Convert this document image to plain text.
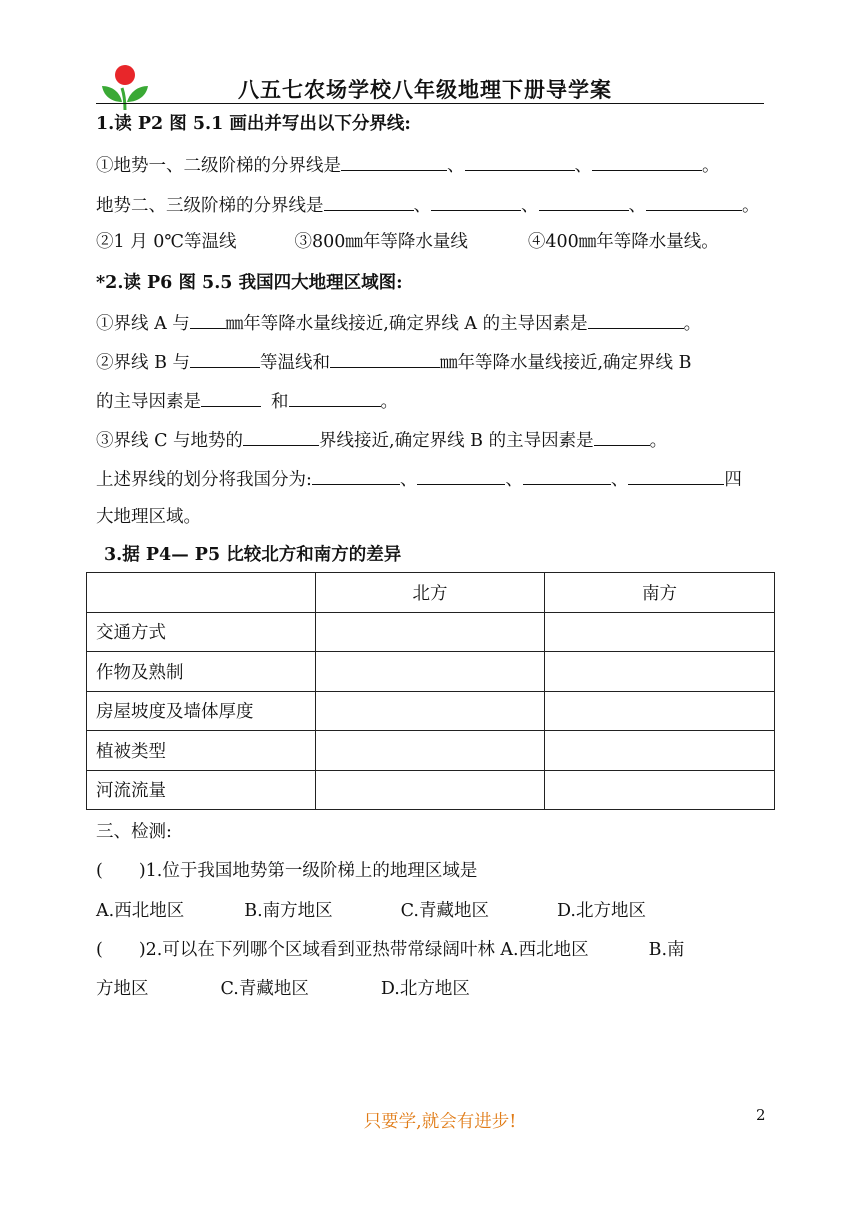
八五七农场学校八年级地理下册导学案
1.读 P2 图 5.1 画出并写出以下分界线:
①地势一、二级阶梯的分界线是	、	、	。
地势二、三级阶梯的分界线是	、	、	、	。
②1 月 0℃等温线	③800㎜年等降水量线	④400㎜年等降水量线。
*2.读 P6 图 5.5 我国四大地理区域图:
①界线 A 与 ㎜年等降水量线接近,确定界线 A 的主导因素是	。
②界线 B 与	等温线和	㎜年等降水量线接近,确定界线 B
的主导因素是	和	。
③界线 C 与地势的	界线接近,确定界线 B 的主导因素是	。
上述界线的划分将我国分为:	、	、	、	四
大地理区域。
3.据 P4— P5 比较北方和南方的差异
	北方	南方
交通方式		
作物及熟制		
房屋坡度及墙体厚度		
植被类型		
河流流量		
三、检测:
( )1.位于我国地势第一级阶梯上的地理区域是
A.西北地区	B.南方地区	C.青藏地区	D.北方地区
( )2.可以在下列哪个区域看到亚热带常绿阔叶林 A.西北地区	B.南
方地区	C.青藏地区	D.北方地区
只要学,就会有进步!	2
